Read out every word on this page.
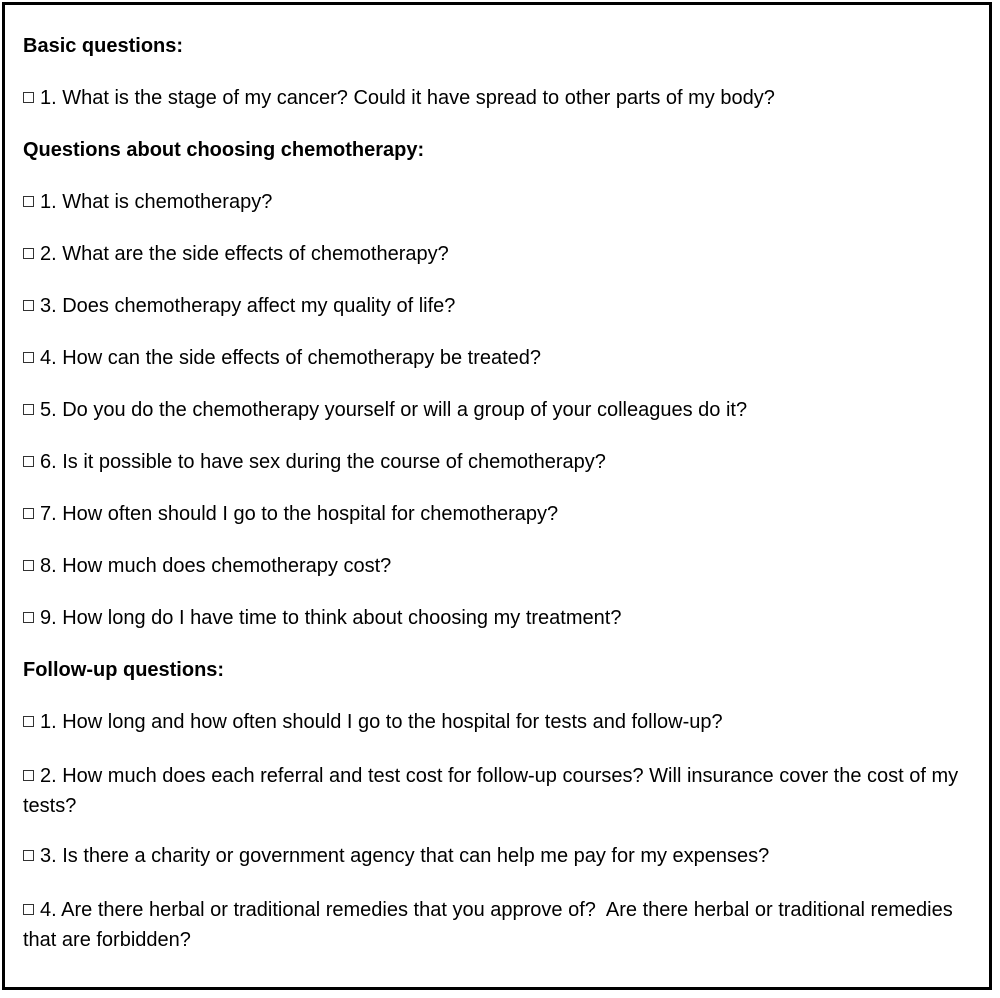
Basic questions:
1. What is the stage of my cancer? Could it have spread to other parts of my body?
Questions about choosing chemotherapy:
1. What is chemotherapy?
2. What are the side effects of chemotherapy?
3. Does chemotherapy affect my quality of life?
4. How can the side effects of chemotherapy be treated?
5. Do you do the chemotherapy yourself or will a group of your colleagues do it?
6. Is it possible to have sex during the course of chemotherapy?
7. How often should I go to the hospital for chemotherapy?
8. How much does chemotherapy cost?
9. How long do I have time to think about choosing my treatment?
Follow-up questions:
1. How long and how often should I go to the hospital for tests and follow-up?
2. How much does each referral and test cost for follow-up courses? Will insurance cover the cost of my tests?
3. Is there a charity or government agency that can help me pay for my expenses?
4. Are there herbal or traditional remedies that you approve of?  Are there herbal or traditional remedies that are forbidden?
